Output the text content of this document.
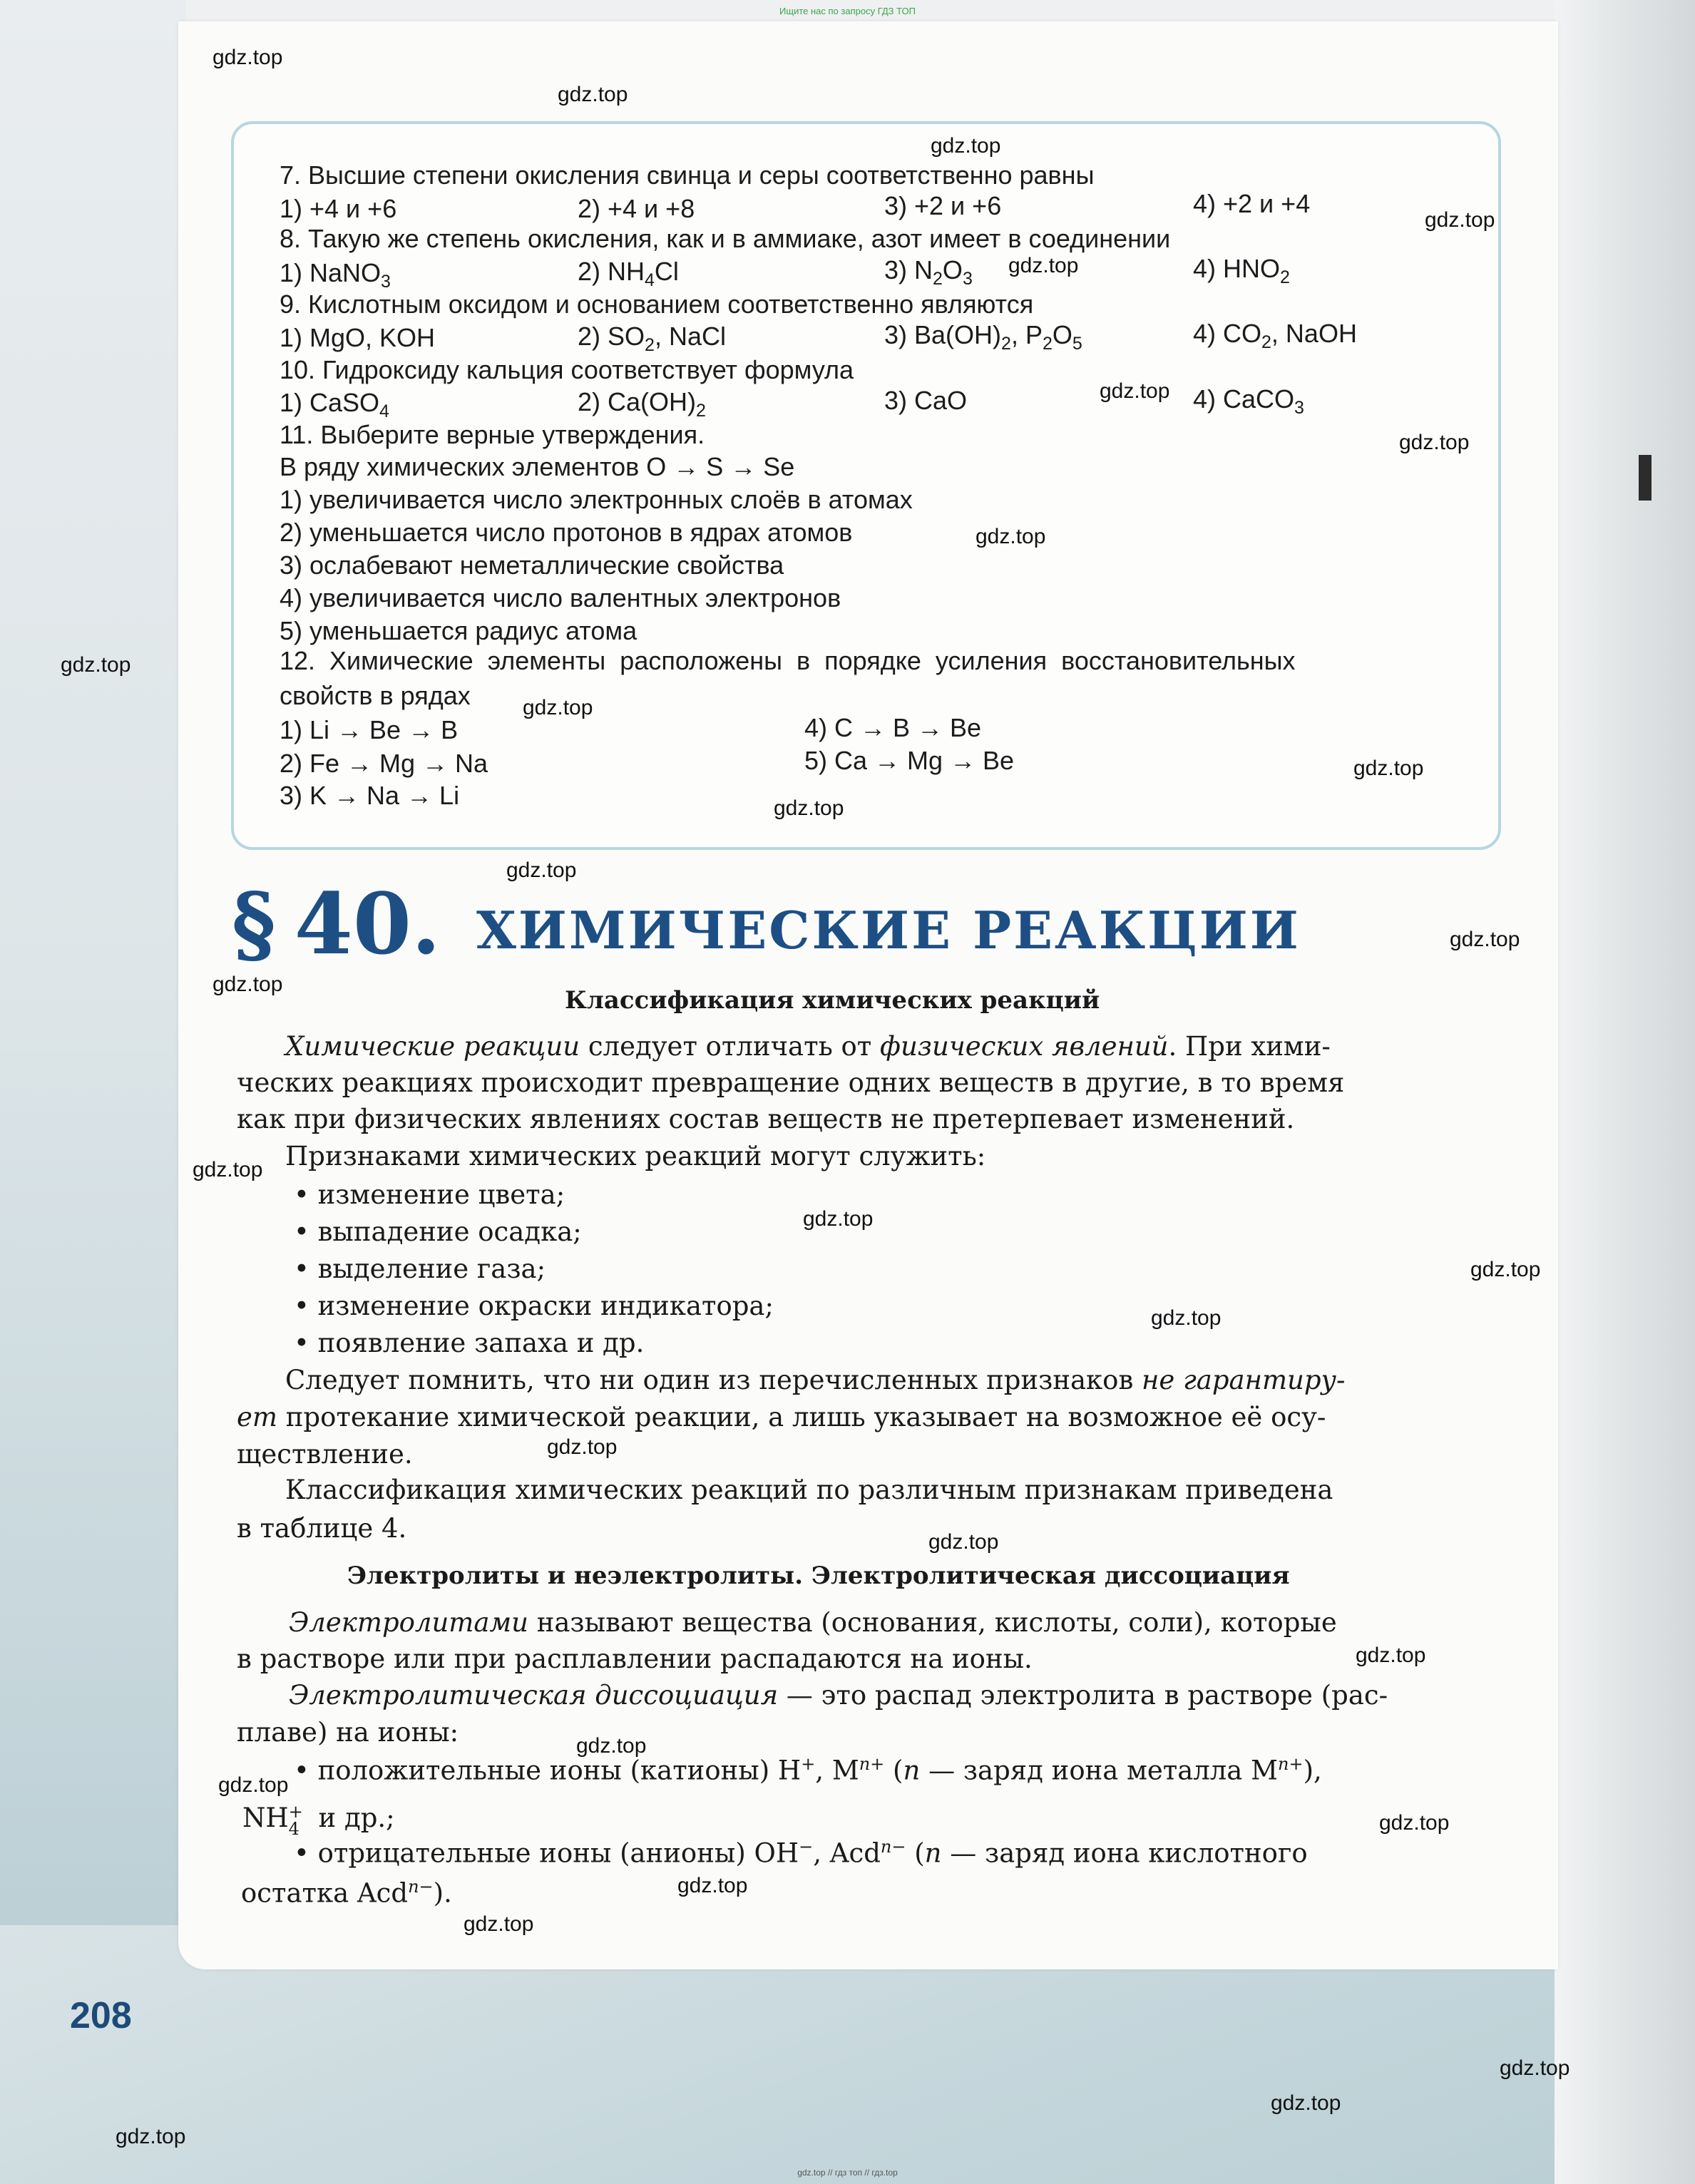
Ищите нас по запросу ГДЗ ТОП
7. Высшие степени окисления свинца и серы соответственно равны
1) +4 и +6	2) +4 и +8	3) +2 и +6	4) +2 и +4
8. Такую же степень окисления, как и в аммиаке, азот имеет в соединении
1) NaNO$_3$	2) $NH_4Cl$	3) $N_2O_3$	4) $HNO_2$
9. Кислотным оксидом и основанием соответственно являются
1) MgO, KOH	2) $SO_2$, NaCl	3) $Ba(OH)_2$, $P_2O_5$	4) $CO_2$, NaOH
10. Гидроксиду кальция соответствует формула
1) CaSO$_4$	2) $Ca(OH)_2$	3) CaO	4) CaCO$_3$
11. Выберите верные утверждения.
В ряду химических элементов O → S → Se
1) увеличивается число электронных слоёв в атомах
2) уменьшается число протонов в ядрах атомов
3) ослабевают неметаллические свойства
4) увеличивается число валентных электронов
5) уменьшается радиус атома
12. Химические элементы расположены в порядке усиления восстановительных
свойств в рядах
1) Li → Be → B
2) Fe → Mg → Na
3) K → Na → Li
4) C → B → Be
5) Ca → Mg → Be
§ 40. ХИМИЧЕСКИЕ РЕАКЦИИ
Классификация химических реакций
Химические реакции следует отличать от физических явлений. При хими-
ческих реакциях происходит превращение одних веществ в другие, в то время
как при физических явлениях состав веществ не претерпевает изменений.
Признаками химических реакций могут служить:
• изменение цвета;
• выпадение осадка;
• выделение газа;
• изменение окраски индикатора;
• появление запаха и др.
Следует помнить, что ни один из перечисленных признаков не гарантиру-
ет протекание химической реакции, а лишь указывает на возможное её осу-
ществление.
Классификация химических реакций по различным признакам приведена
в таблице 4.
Электролиты и неэлектролиты. Электролитическая диссоциация
Электролитами называют вещества (основания, кислоты, соли), которые
в растворе или при расплавлении распадаются на ионы.
Электролитическая диссоциация — это распад электролита в растворе (рас-
плаве) на ионы:
• положительные ионы (катионы) H+, $M^{n+}$ (n — заряд иона металла $M^{n+}$),
NH +
4 и др.;
• отрицательные ионы (анионы) OH−, Acd$^{n-}$ (n — заряд иона кислотного
остатка Acd$^{n-}$).
208
gdz.top
gdz.top
gdz.top
gdz.top
gdz.top
gdz.top
gdz.top
gdz.top
gdz.top
gdz.top
gdz.top
gdz.top
gdz.top
gdz.top
gdz.top
gdz.top
gdz.top
gdz.top
gdz.top
gdz.top
gdz.top
gdz.top
gdz.top
gdz.top
gdz.top
gdz.top
gdz.top
gdz.top
gdz.top
gdz.top
gdz.top // гдз топ // гдз.top
